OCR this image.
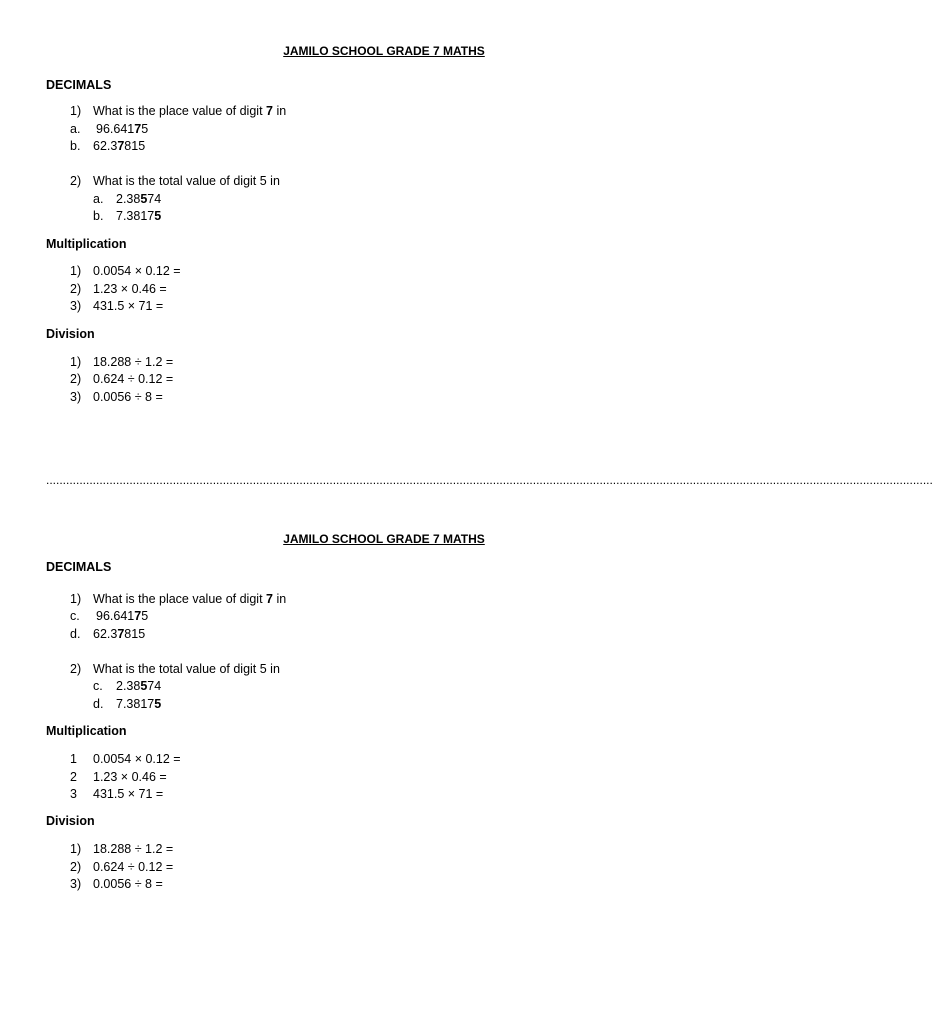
JAMILO SCHOOL GRADE 7 MATHS
DECIMALS
1) What is the place value of digit 7 in
a. 96.64175
b. 62.37815
2) What is the total value of digit 5 in
a. 2.38574
b. 7.38175
Multiplication
1) 0.0054 × 0.12 =
2) 1.23 × 0.46 =
3) 431.5 × 71 =
Division
1) 18.288 ÷ 1.2 =
2) 0.624 ÷ 0.12 =
3) 0.0056 ÷ 8 =
..........................................................................................................................................................................................................................................................................
JAMILO SCHOOL GRADE 7 MATHS
DECIMALS
1) What is the place value of digit 7 in
c. 96.64175
d. 62.37815
2) What is the total value of digit 5 in
c. 2.38574
d. 7.38175
Multiplication
1 0.0054 × 0.12 =
2 1.23 × 0.46 =
3 431.5 × 71 =
Division
1) 18.288 ÷ 1.2 =
2) 0.624 ÷ 0.12 =
3) 0.0056 ÷ 8 =
